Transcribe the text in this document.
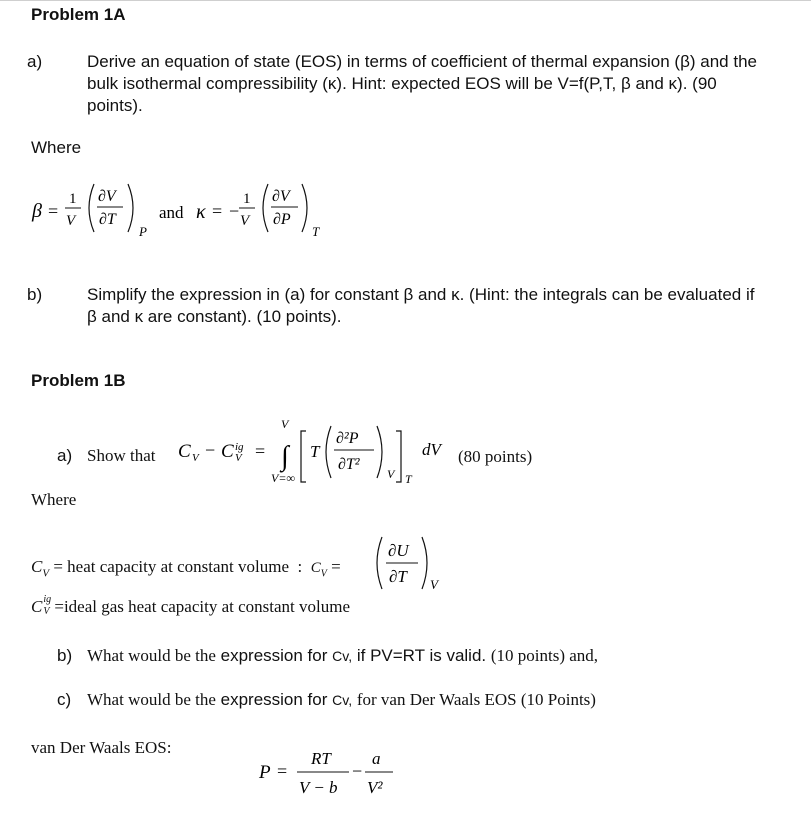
Problem 1A
a)	Derive an equation of state (EOS) in terms of coefficient of thermal expansion (β) and the bulk isothermal compressibility (κ). Hint: expected EOS will be V=f(P,T, β and κ). (90 points).
Where
β =
1
V
∂V
∂T
P
and κ = −
1
V
∂V
∂P
T
b)	Simplify the expression in (a) for constant β and κ. (Hint: the integrals can be evaluated if β and κ are constant). (10 points).
Problem 1B
a) Show that C V − C ig
V =
V
∫
V=∞
T
∂²P
∂T²
V T
dV (80 points)
Where
$C_V$ = heat capacity at constant volume  :  $C_V$ =
∂U
∂T V
C ig
V =ideal gas heat capacity at constant volume
b) What would be the expression for Cv, if PV=RT is valid. (10 points) and,
c) What would be the expression for Cv, for van Der Waals EOS (10 Points)
van Der Waals EOS:
P =
RT
V − b
−
a
V²
